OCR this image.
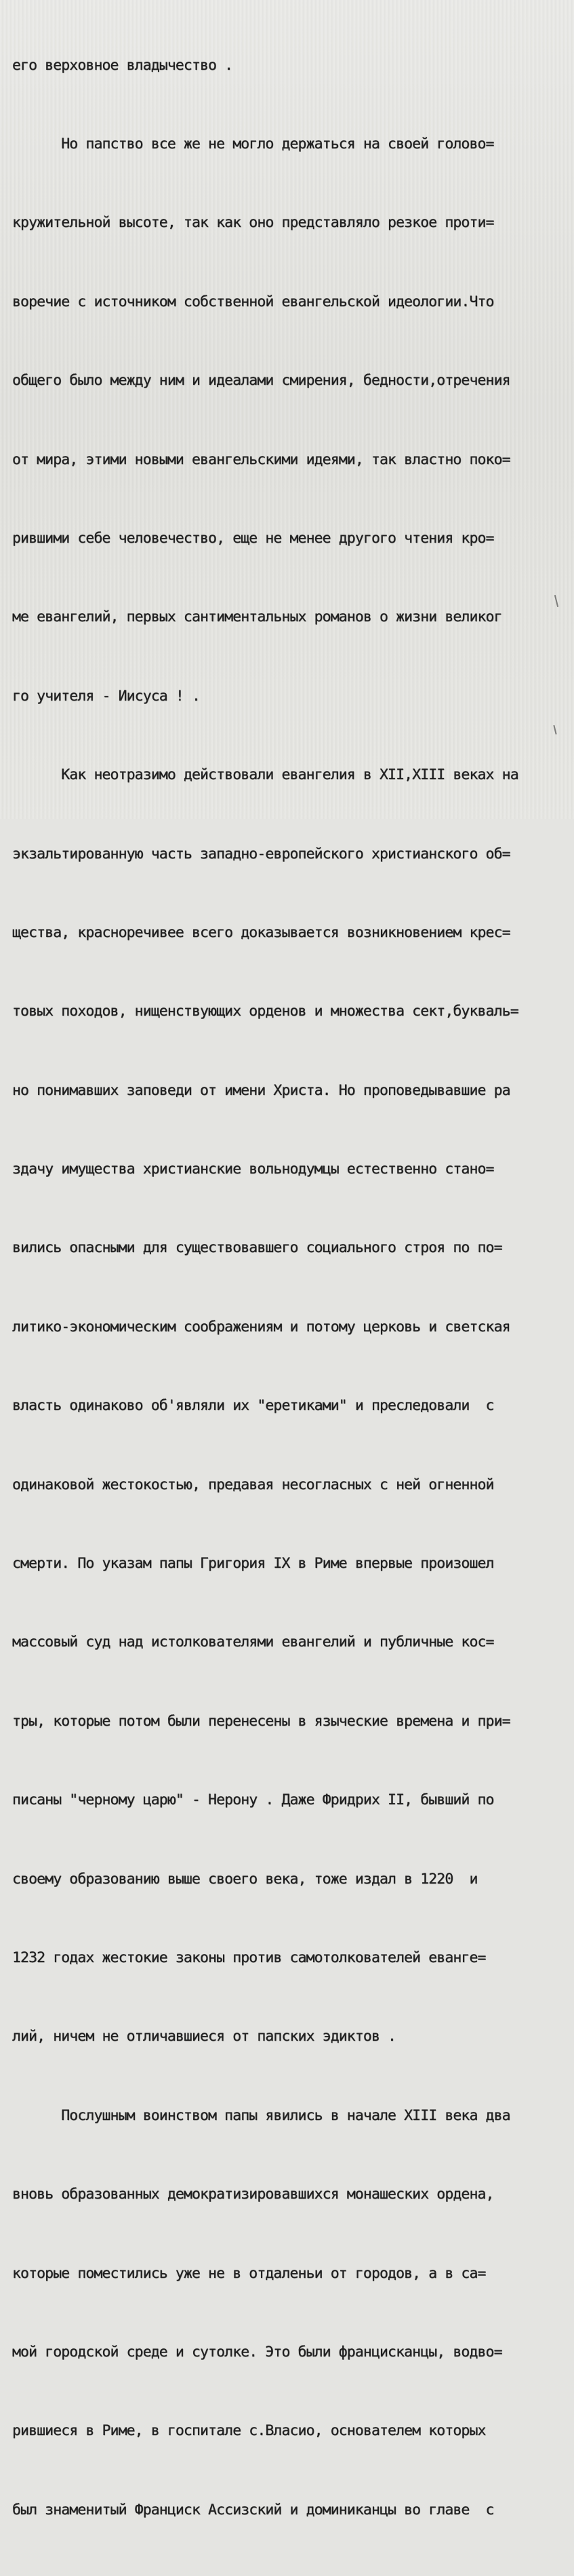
его верховное владычество .

Но папство все же не могло держаться на своей голово=

кружительной высоте, так как оно представляло резкое проти=

воречие с источником собственной евангельской идеологии.Что

общего было между ним и идеалами смирения, бедности,отречения

от мира, этими новыми евангельскими идеями, так властно поко=

рившими себе человечество, еще не менее другого чтения кро=

ме евангелий, первых сантиментальных романов о жизни великог

го учителя - Иисуса ! .

Как неотразимо действовали евангелия в XII,XIII веках на

экзальтированную часть западно-европейского христианского об=

щества, красноречивее всего доказывается возникновением крес=

товых походов, нищенствующих орденов и множества сект,букваль=

но понимавших заповеди от имени Христа. Но проповедывавшие ра

здачу имущества христианские вольнодумцы естественно стано=

вились опасными для существовавшего социального строя по по=

литико-экономическим соображениям и потому церковь и светская

власть одинаково об'являли их "еретиками" и преследовали  с

одинаковой жестокостью, предавая несогласных с ней огненной

смерти. По указам папы Григория IX в Риме впервые произошел

массовый суд над истолкователями евангелий и публичные кос=

тры, которые потом были перенесены в языческие времена и при=

писаны "черному царю" - Нерону . Даже Фридрих II, бывший по

своему образованию выше своего века, тоже издал в 1220  и

1232 годах жестокие законы против самотолкователей еванге=

лий, ничем не отличавшиеся от папских эдиктов .

Послушным воинством папы явились в начале XIII века два

вновь образованных демократизировавшихся монашеских ордена,

которые поместились уже не в отдаленьи от городов, а в са=

мой городской среде и сутолке. Это были францисканцы, водво=

рившиеся в Риме, в госпитале с.Власио, основателем которых

был знаменитый Франциск Ассизский и доминиканцы во главе  с
